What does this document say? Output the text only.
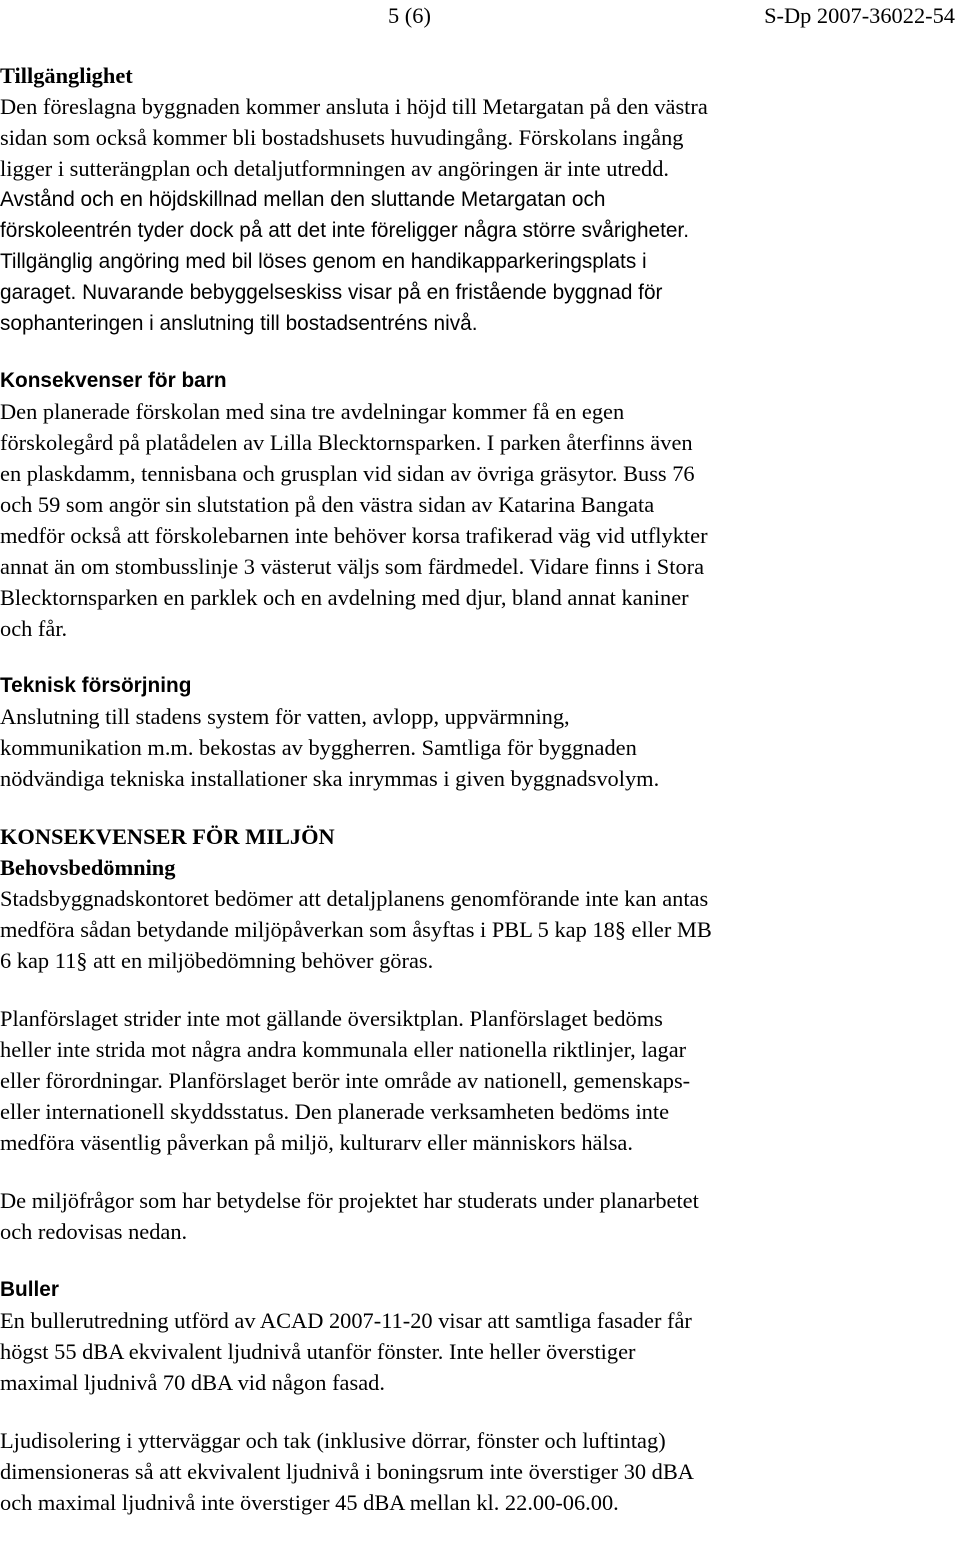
5 (6)	S-Dp 2007-36022-54
Tillgänglighet
Den föreslagna byggnaden kommer ansluta i höjd till Metargatan på den västra
sidan som också kommer bli bostadshusets huvudingång. Förskolans ingång
ligger i sutterängplan och detaljutformningen av angöringen är inte utredd.
Avstånd och en höjdskillnad mellan den sluttande Metargatan och
förskoleentrén tyder dock på att det inte föreligger några större svårigheter.
Tillgänglig angöring med bil löses genom en handikapparkeringsplats i
garaget. Nuvarande bebyggelseskiss visar på en fristående byggnad för
sophanteringen i anslutning till bostadsentréns nivå.
Konsekvenser för barn
Den planerade förskolan med sina tre avdelningar kommer få en egen
förskolegård på platådelen av Lilla Blecktornsparken. I parken återfinns även
en plaskdamm, tennisbana och grusplan vid sidan av övriga gräsytor. Buss 76
och 59 som angör sin slutstation på den västra sidan av Katarina Bangata
medför också att förskolebarnen inte behöver korsa trafikerad väg vid utflykter
annat än om stombusslinje 3 västerut väljs som färdmedel. Vidare finns i Stora
Blecktornsparken en parklek och en avdelning med djur, bland annat kaniner
och får.
Teknisk försörjning
Anslutning till stadens system för vatten, avlopp, uppvärmning,
kommunikation m.m. bekostas av byggherren. Samtliga för byggnaden
nödvändiga tekniska installationer ska inrymmas i given byggnadsvolym.
KONSEKVENSER FÖR MILJÖN
Behovsbedömning
Stadsbyggnadskontoret bedömer att detaljplanens genomförande inte kan antas
medföra sådan betydande miljöpåverkan som åsyftas i PBL 5 kap 18§ eller MB
6 kap 11§ att en miljöbedömning behöver göras.
Planförslaget strider inte mot gällande översiktplan. Planförslaget bedöms
heller inte strida mot några andra kommunala eller nationella riktlinjer, lagar
eller förordningar. Planförslaget berör inte område av nationell, gemenskaps-
eller internationell skyddsstatus. Den planerade verksamheten bedöms inte
medföra väsentlig påverkan på miljö, kulturarv eller människors hälsa.
De miljöfrågor som har betydelse för projektet har studerats under planarbetet
och redovisas nedan.
Buller
En bullerutredning utförd av ACAD 2007-11-20 visar att samtliga fasader får
högst 55 dBA ekvivalent ljudnivå utanför fönster. Inte heller överstiger
maximal ljudnivå 70 dBA vid någon fasad.
Ljudisolering i ytterväggar och tak (inklusive dörrar, fönster och luftintag)
dimensioneras så att ekvivalent ljudnivå i boningsrum inte överstiger 30 dBA
och maximal ljudnivå inte överstiger 45 dBA mellan kl. 22.00-06.00.
